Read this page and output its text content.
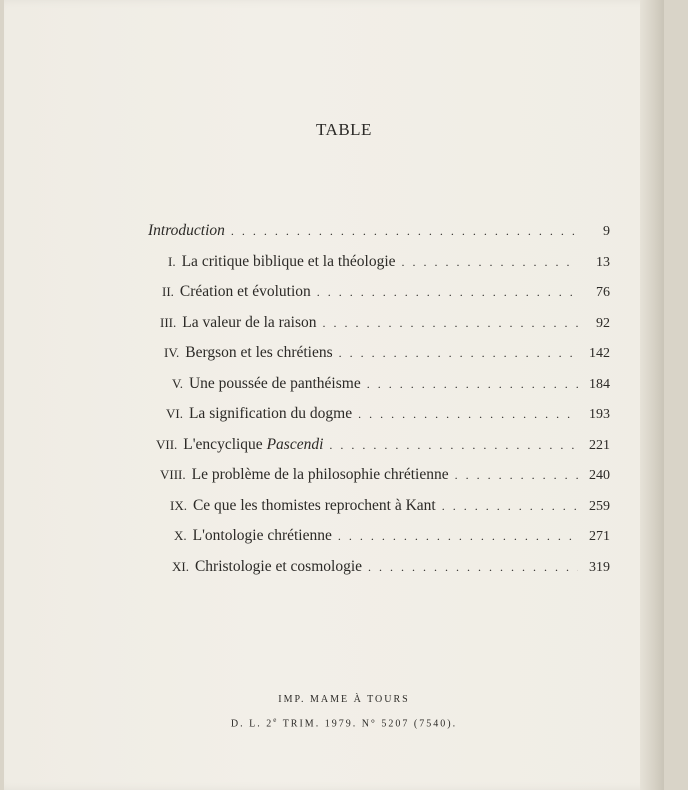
TABLE
Introduction . . .	9
I. La critique biblique et la théologie . . .	13
II. Création et évolution . . .	76
III. La valeur de la raison . . .	92
IV. Bergson et les chrétiens . . .	142
V. Une poussée de panthéisme . . .	184
VI. La signification du dogme . . .	193
VII. L'encyclique Pascendi . . .	221
VIII. Le problème de la philosophie chrétienne . . .	240
IX. Ce que les thomistes reprochent à Kant . . .	259
X. L'ontologie chrétienne . . .	271
XI. Christologie et cosmologie . . .	319
IMP. MAME À TOURS
D. L. 2e TRIM. 1979. N° 5207 (7540).
